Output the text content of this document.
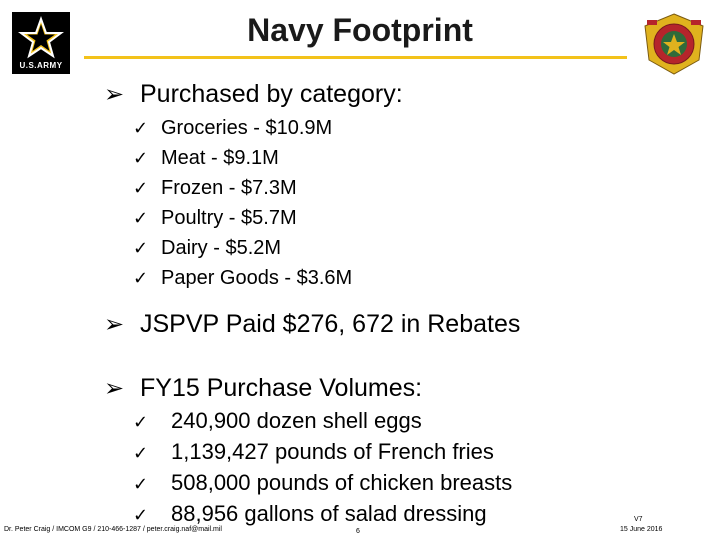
U.S.ARMY
Navy Footprint
➢ Purchased by category:
✓ Groceries - $10.9M
✓ Meat - $9.1M
✓ Frozen - $7.3M
✓ Poultry - $5.7M
✓ Dairy - $5.2M
✓ Paper Goods - $3.6M
➢ JSPVP Paid $276, 672 in Rebates
➢ FY15 Purchase Volumes:
✓ 240,900 dozen shell eggs
✓ 1,139,427 pounds of French fries
✓ 508,000 pounds of chicken breasts
✓ 88,956 gallons of salad dressing
Dr. Peter Craig / IMCOM G9 / 210-466-1287 / peter.craig.naf@mail.mil	6
V7
15 June 2016
